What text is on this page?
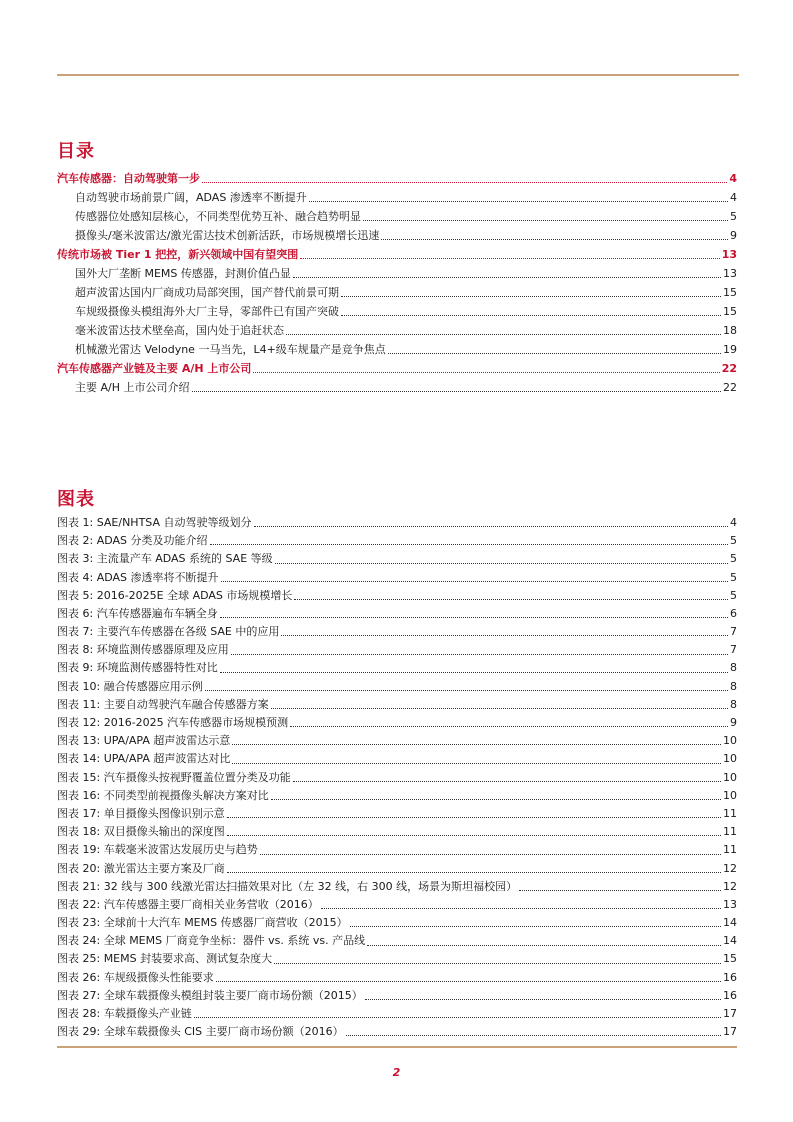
目录
汽车传感器：自动驾驶第一步	4
自动驾驶市场前景广阔，ADAS 渗透率不断提升	4
传感器位处感知层核心，不同类型优势互补、融合趋势明显	5
摄像头/毫米波雷达/激光雷达技术创新活跃，市场规模增长迅速	9
传统市场被 Tier 1 把控，新兴领域中国有望突围	13
国外大厂垄断 MEMS 传感器，封测价值凸显	13
超声波雷达国内厂商成功局部突围，国产替代前景可期	15
车规级摄像头模组海外大厂主导，零部件已有国产突破	15
毫米波雷达技术壁垒高，国内处于追赶状态	18
机械激光雷达 Velodyne 一马当先，L4+级车规量产是竞争焦点	19
汽车传感器产业链及主要 A/H 上市公司	22
主要 A/H 上市公司介绍	22
图表
图表 1: SAE/NHTSA 自动驾驶等级划分	4
图表 2: ADAS 分类及功能介绍	5
图表 3: 主流量产车 ADAS 系统的 SAE 等级	5
图表 4: ADAS 渗透率将不断提升	5
图表 5: 2016-2025E 全球 ADAS 市场规模增长	5
图表 6: 汽车传感器遍布车辆全身	6
图表 7: 主要汽车传感器在各级 SAE 中的应用	7
图表 8: 环境监测传感器原理及应用	7
图表 9: 环境监测传感器特性对比	8
图表 10: 融合传感器应用示例	8
图表 11: 主要自动驾驶汽车融合传感器方案	8
图表 12: 2016-2025 汽车传感器市场规模预测	9
图表 13: UPA/APA 超声波雷达示意	10
图表 14: UPA/APA 超声波雷达对比	10
图表 15: 汽车摄像头按视野覆盖位置分类及功能	10
图表 16: 不同类型前视摄像头解决方案对比	10
图表 17: 单目摄像头图像识别示意	11
图表 18: 双目摄像头输出的深度图	11
图表 19: 车载毫米波雷达发展历史与趋势	11
图表 20: 激光雷达主要方案及厂商	12
图表 21: 32 线与 300 线激光雷达扫描效果对比（左 32 线，右 300 线，场景为斯坦福校园）	12
图表 22: 汽车传感器主要厂商相关业务营收（2016）	13
图表 23: 全球前十大汽车 MEMS 传感器厂商营收（2015）	14
图表 24: 全球 MEMS 厂商竞争坐标：器件 vs. 系统 vs. 产品线	14
图表 25: MEMS 封装要求高、测试复杂度大	15
图表 26: 车规级摄像头性能要求	16
图表 27: 全球车载摄像头模组封装主要厂商市场份额（2015）	16
图表 28: 车载摄像头产业链	17
图表 29: 全球车载摄像头 CIS 主要厂商市场份额（2016）	17
2
